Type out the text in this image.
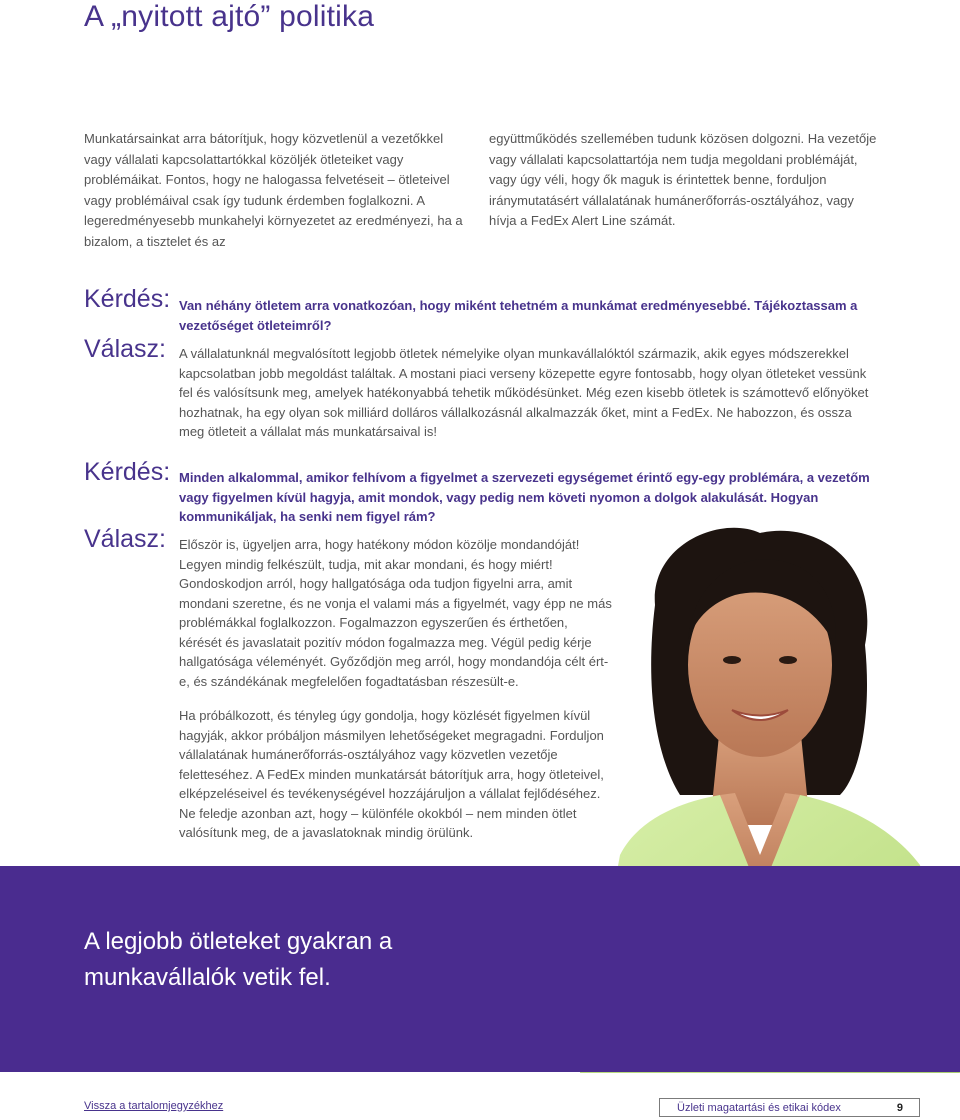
A „nyitott ajtó” politika

Munkatársainkat arra bátorítjuk, hogy közvetlenül a vezetőkkel vagy vállalati kapcsolattartókkal közöljék ötleteiket vagy problémáikat. Fontos, hogy ne halogassa felvetéseit – ötleteivel vagy problémáival csak így tudunk érdemben foglalkozni. A legeredményesebb munkahelyi környezetet az eredményezi, ha a bizalom, a tisztelet és az

együttműködés szellemében tudunk közösen dolgozni. Ha vezetője vagy vállalati kapcsolattartója nem tudja megoldani problémáját, vagy úgy véli, hogy ők maguk is érintettek benne, forduljon iránymutatásért vállalatának humánerőforrás-osztályához, vagy hívja a FedEx Alert Line számát.

Kérdés: Van néhány ötletem arra vonatkozóan, hogy miként tehetném a munkámat eredményesebbé. Tájékoztassam a vezetőséget ötleteimről?
Válasz: A vállalatunknál megvalósított legjobb ötletek némelyike olyan munkavállalóktól származik, akik egyes módszerekkel kapcsolatban jobb megoldást találtak. A mostani piaci verseny közepette egyre fontosabb, hogy olyan ötleteket vessünk fel és valósítsunk meg, amelyek hatékonyabbá tehetik működésünket. Még ezen kisebb ötletek is számottevő előnyöket hozhatnak, ha egy olyan sok milliárd dolláros vállalkozásnál alkalmazzák őket, mint a FedEx. Ne habozzon, és ossza meg ötleteit a vállalat más munkatársaival is!

Kérdés: Minden alkalommal, amikor felhívom a figyelmet a szervezeti egységemet érintő egy-egy problémára, a vezetőm vagy figyelmen kívül hagyja, amit mondok, vagy pedig nem követi nyomon a dolgok alakulását. Hogyan kommunikáljak, ha senki nem figyel rám?
Válasz: Először is, ügyeljen arra, hogy hatékony módon közölje mondandóját! Legyen mindig felkészült, tudja, mit akar mondani, és hogy miért! Gondoskodjon arról, hogy hallgatósága oda tudjon figyelni arra, amit mondani szeretne, és ne vonja el valami más a figyelmét, vagy épp ne más problémákkal foglalkozzon. Fogalmazzon egyszerűen és érthetően, kérését és javaslatait pozitív módon fogalmazza meg. Végül pedig kérje hallgatósága véleményét. Győződjön meg arról, hogy mondandója célt ért-e, és szándékának megfelelően fogadtatásban részesült-e.

Ha próbálkozott, és tényleg úgy gondolja, hogy közlését figyelmen kívül hagyják, akkor próbáljon másmilyen lehetőségeket megragadni. Forduljon vállalatának humánerőforrás-osztályához vagy közvetlen vezetője feletteséhez. A FedEx minden munkatársát bátorítjuk arra, hogy ötleteivel, elképzeléseivel és tevékenységével hozzájáruljon a vállalat fejlődéséhez. Ne feledje azonban azt, hogy – különféle okokból – nem minden ötlet valósítunk meg, de a javaslatoknak mindig örülünk.

A legjobb ötleteket gyakran a munkavállalók vetik fel.
Vissza a tartalomjegyzékhez	Üzleti magatartási és etikai kódex	9
